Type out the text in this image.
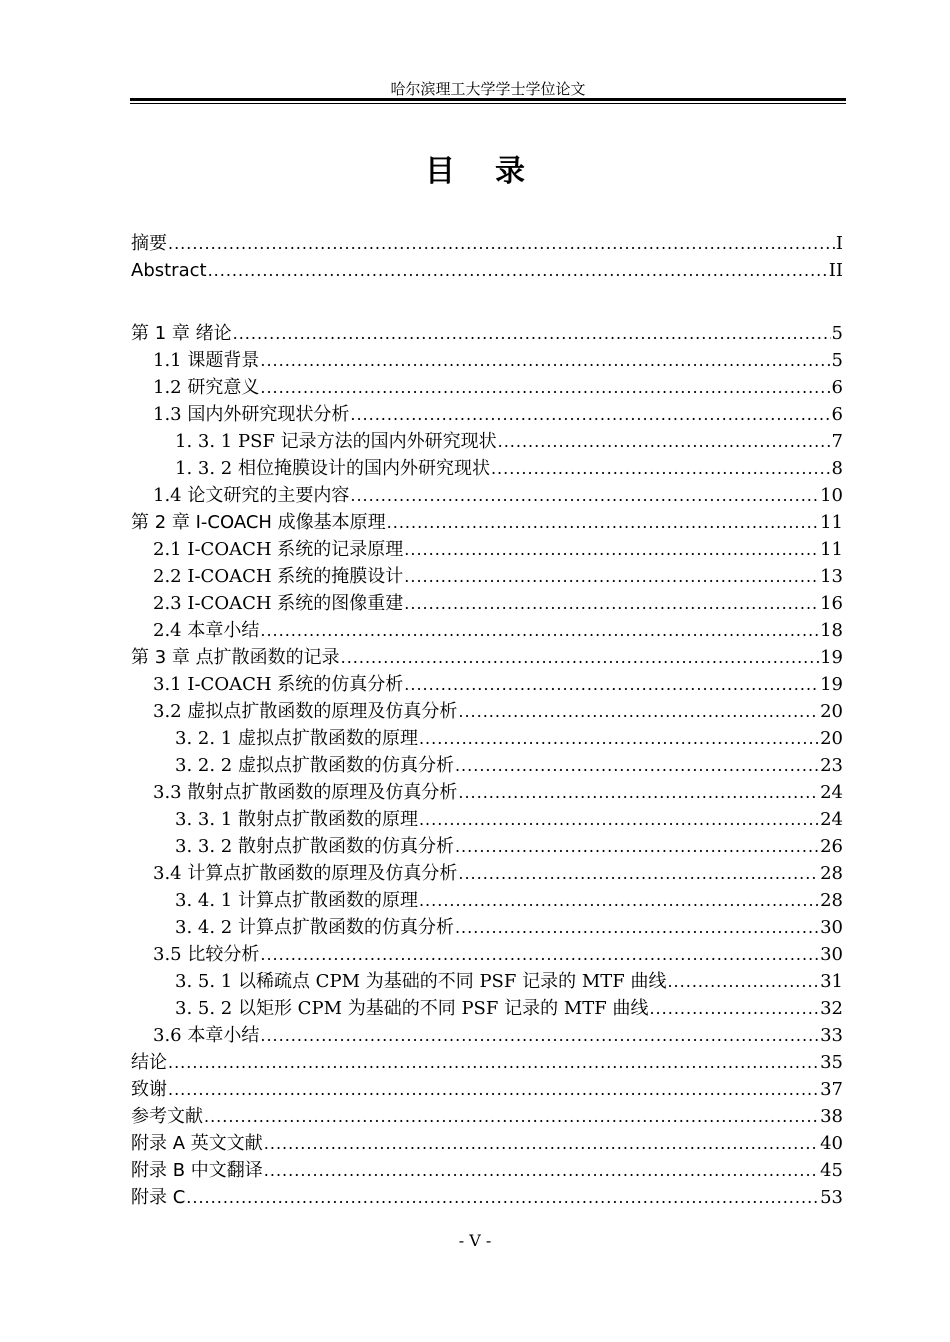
哈尔滨理工大学学士学位论文
目 录
摘要 .....	I
Abstract .....	II
第 1 章 绪论 .....	5
1.1 课题背景 .....	5
1.2 研究意义 .....	6
1.3 国内外研究现状分析 .....	6
1. 3. 1 PSF 记录方法的国内外研究现状 .....	7
1. 3. 2 相位掩膜设计的国内外研究现状 .....	8
1.4 论文研究的主要内容 .....	10
第 2 章 I-COACH 成像基本原理 .....	11
2.1 I-COACH 系统的记录原理 .....	11
2.2 I-COACH 系统的掩膜设计 .....	13
2.3 I-COACH 系统的图像重建 .....	16
2.4 本章小结 .....	18
第 3 章 点扩散函数的记录 .....	19
3.1 I-COACH 系统的仿真分析 .....	19
3.2 虚拟点扩散函数的原理及仿真分析 .....	20
3. 2. 1 虚拟点扩散函数的原理 .....	20
3. 2. 2 虚拟点扩散函数的仿真分析 .....	23
3.3 散射点扩散函数的原理及仿真分析 .....	24
3. 3. 1 散射点扩散函数的原理 .....	24
3. 3. 2 散射点扩散函数的仿真分析 .....	26
3.4 计算点扩散函数的原理及仿真分析 .....	28
3. 4. 1 计算点扩散函数的原理 .....	28
3. 4. 2 计算点扩散函数的仿真分析 .....	30
3.5 比较分析 .....	30
3. 5. 1 以稀疏点 CPM 为基础的不同 PSF 记录的 MTF 曲线 .....	31
3. 5. 2 以矩形 CPM 为基础的不同 PSF 记录的 MTF 曲线 .....	32
3.6 本章小结 .....	33
结论 .....	35
致谢 .....	37
参考文献 .....	38
附录 A 英文文献 .....	40
附录 B 中文翻译 .....	45
附录 C .....	53
- V -
